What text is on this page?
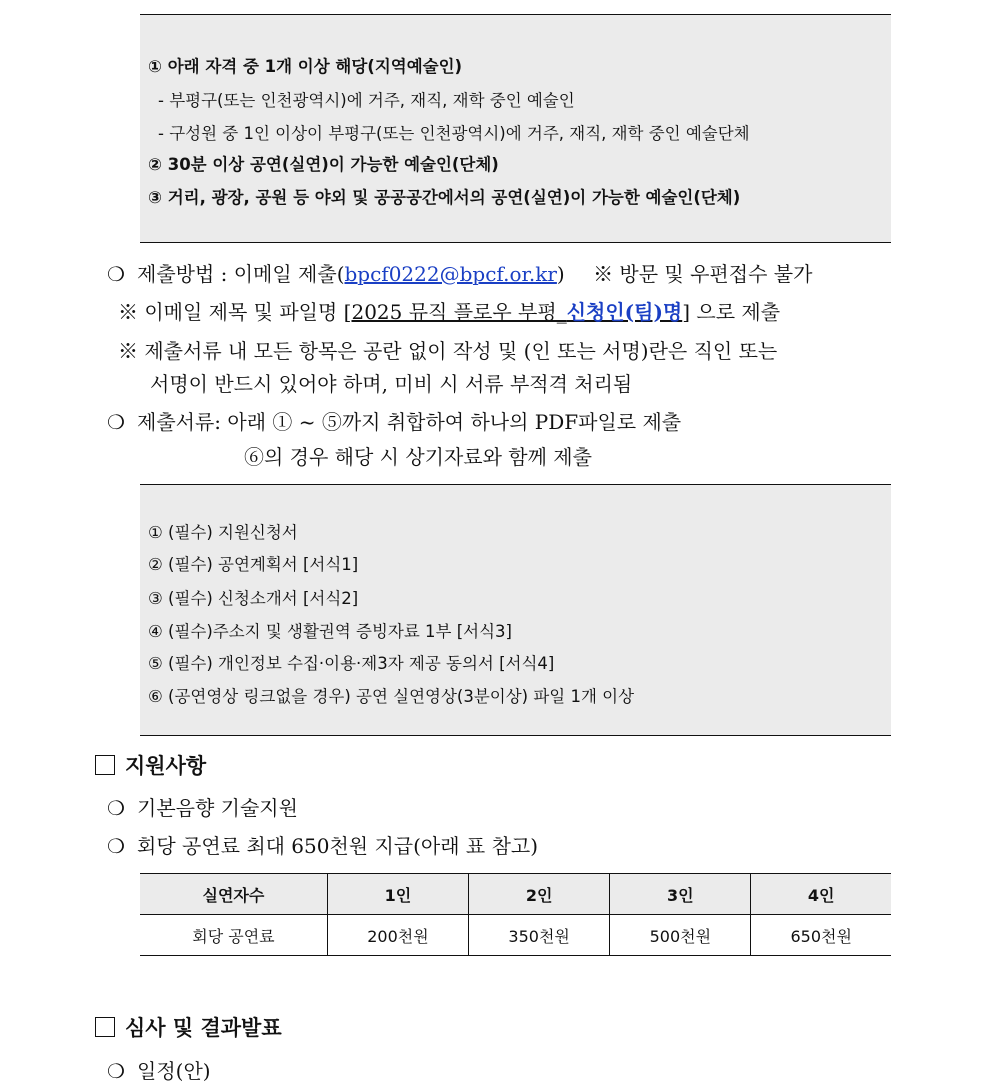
① 아래 자격 중 1개 이상 해당(지역예술인)
- 부평구(또는 인천광역시)에 거주, 재직, 재학 중인 예술인
- 구성원 중 1인 이상이 부평구(또는 인천광역시)에 거주, 재직, 재학 중인 예술단체
② 30분 이상 공연(실연)이 가능한 예술인(단체)
③ 거리, 광장, 공원 등 야외 및 공공공간에서의 공연(실연)이 가능한 예술인(단체)
❍ 제출방법 : 이메일 제출(bpcf0222@bpcf.or.kr) ※ 방문 및 우편접수 불가
※ 이메일 제목 및 파일명 [2025 뮤직 플로우 부평_신청인(팀)명] 으로 제출
※ 제출서류 내 모든 항목은 공란 없이 작성 및 (인 또는 서명)란은 직인 또는
서명이 반드시 있어야 하며, 미비 시 서류 부적격 처리됨
❍ 제출서류: 아래 ① ~ ⑤까지 취합하여 하나의 PDF파일로 제출
⑥의 경우 해당 시 상기자료와 함께 제출
① (필수) 지원신청서
② (필수) 공연계획서 [서식1]
③ (필수) 신청소개서 [서식2]
④ (필수)주소지 및 생활권역 증빙자료 1부 [서식3]
⑤ (필수) 개인정보 수집·이용·제3자 제공 동의서 [서식4]
⑥ (공연영상 링크없을 경우) 공연 실연영상(3분이상) 파일 1개 이상
지원사항
❍ 기본음향 기술지원
❍ 회당 공연료 최대 650천원 지급(아래 표 참고)
실연자수	1인	2인	3인	4인
회당 공연료	200천원	350천원	500천원	650천원
심사 및 결과발표
❍ 일정(안)
